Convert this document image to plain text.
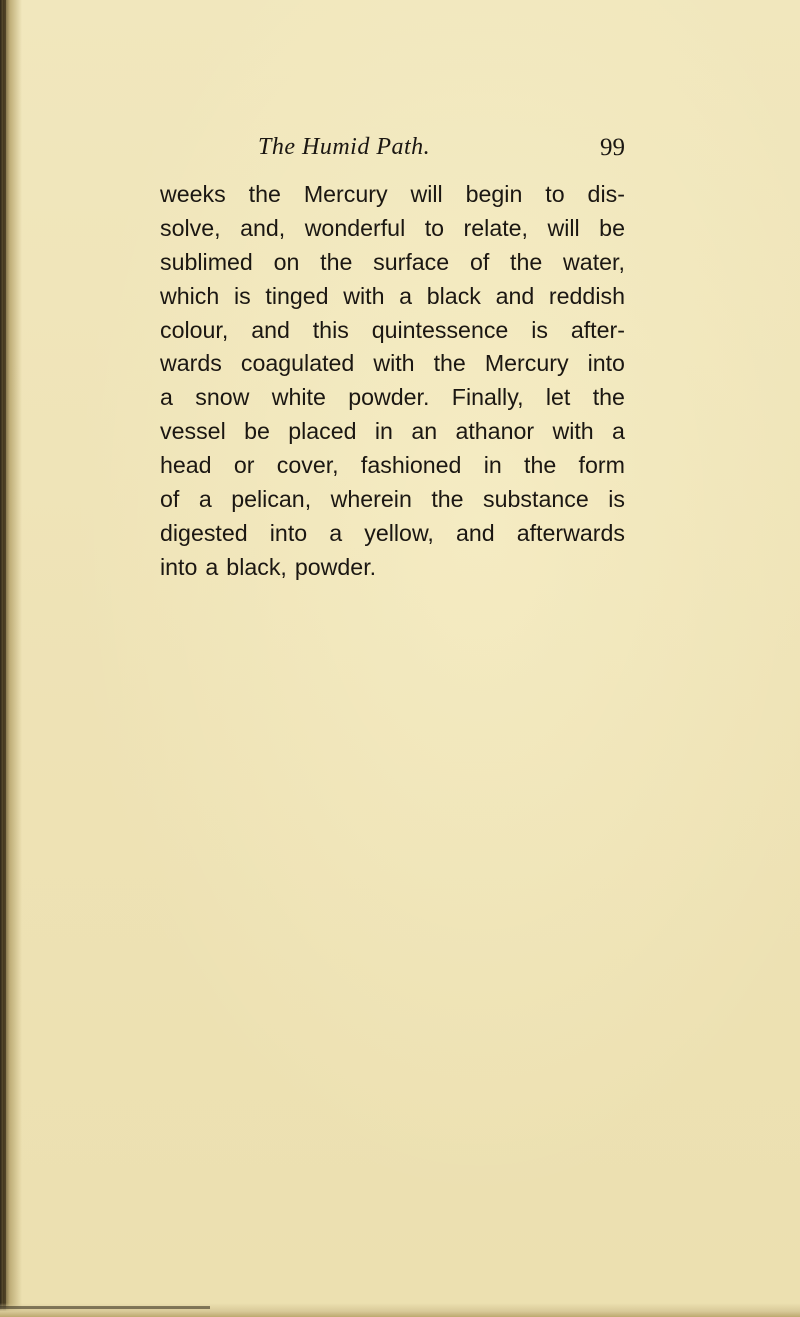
The Humid Path.	99
weeks the Mercury will begin to dis-
solve, and, wonderful to relate, will be
sublimed on the surface of the water,
which is tinged with a black and reddish
colour, and this quintessence is after-
wards coagulated with the Mercury into
a snow white powder. Finally, let the
vessel be placed in an athanor with a
head or cover, fashioned in the form
of a pelican, wherein the substance is
digested into a yellow, and afterwards
into a black, powder.
